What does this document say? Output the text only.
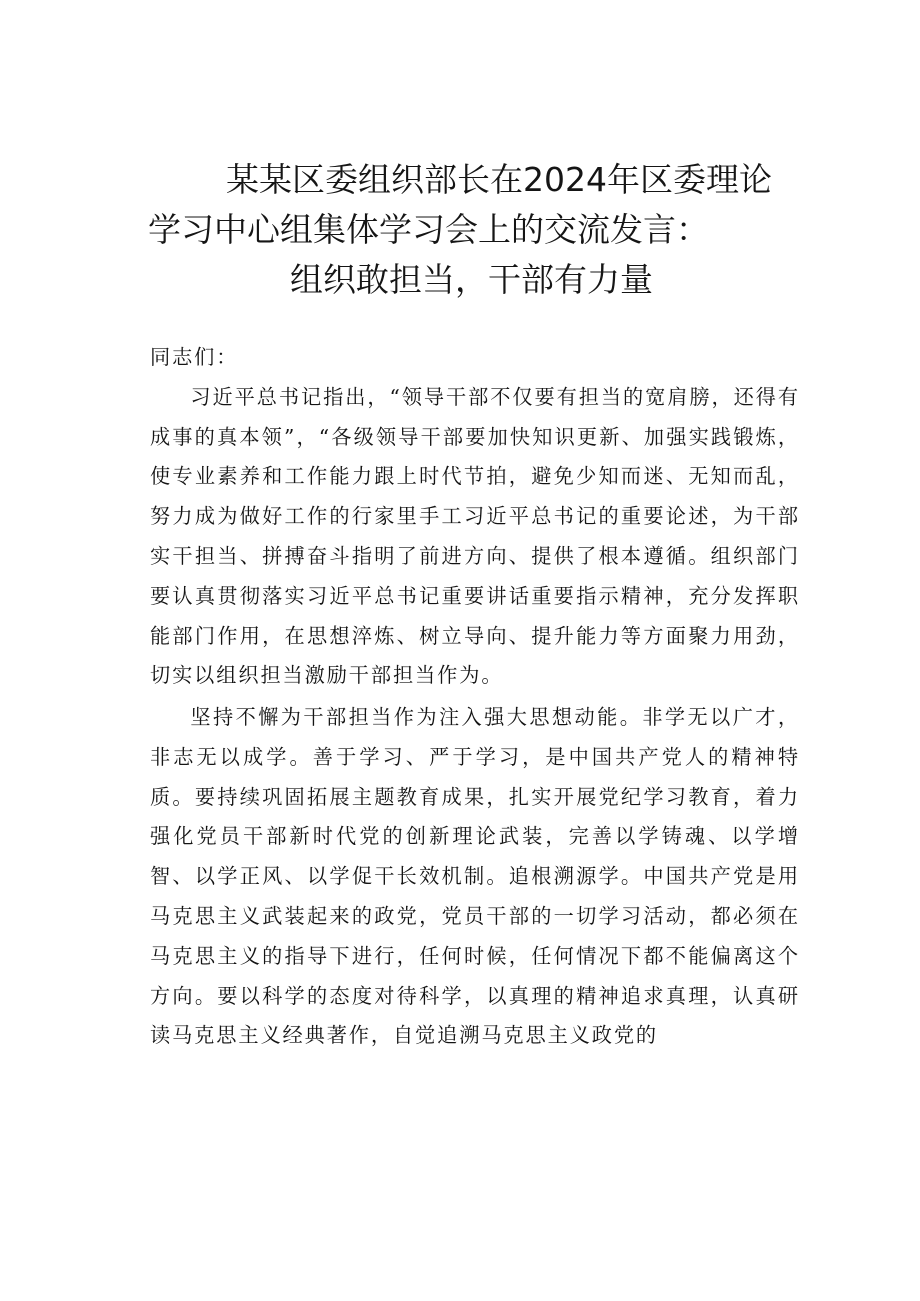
某某区委组织部长在2024年区委理论
学习中心组集体学习会上的交流发言：
组织敢担当，干部有力量

同志们：

习近平总书记指出，“领导干部不仅要有担当的宽肩膀，还得有成事的真本领”，“各级领导干部要加快知识更新、加强实践锻炼，使专业素养和工作能力跟上时代节拍，避免少知而迷、无知而乱，努力成为做好工作的行家里手工习近平总书记的重要论述，为干部实干担当、拼搏奋斗指明了前进方向、提供了根本遵循。组织部门要认真贯彻落实习近平总书记重要讲话重要指示精神，充分发挥职能部门作用，在思想淬炼、树立导向、提升能力等方面聚力用劲，切实以组织担当激励干部担当作为。

坚持不懈为干部担当作为注入强大思想动能。非学无以广才，非志无以成学。善于学习、严于学习，是中国共产党人的精神特质。要持续巩固拓展主题教育成果，扎实开展党纪学习教育，着力强化党员干部新时代党的创新理论武装，完善以学铸魂、以学增智、以学正风、以学促干长效机制。追根溯源学。中国共产党是用马克思主义武装起来的政党，党员干部的一切学习活动，都必须在马克思主义的指导下进行，任何时候，任何情况下都不能偏离这个方向。要以科学的态度对待科学，以真理的精神追求真理，认真研读马克思主义经典著作，自觉追溯马克思主义政党的
